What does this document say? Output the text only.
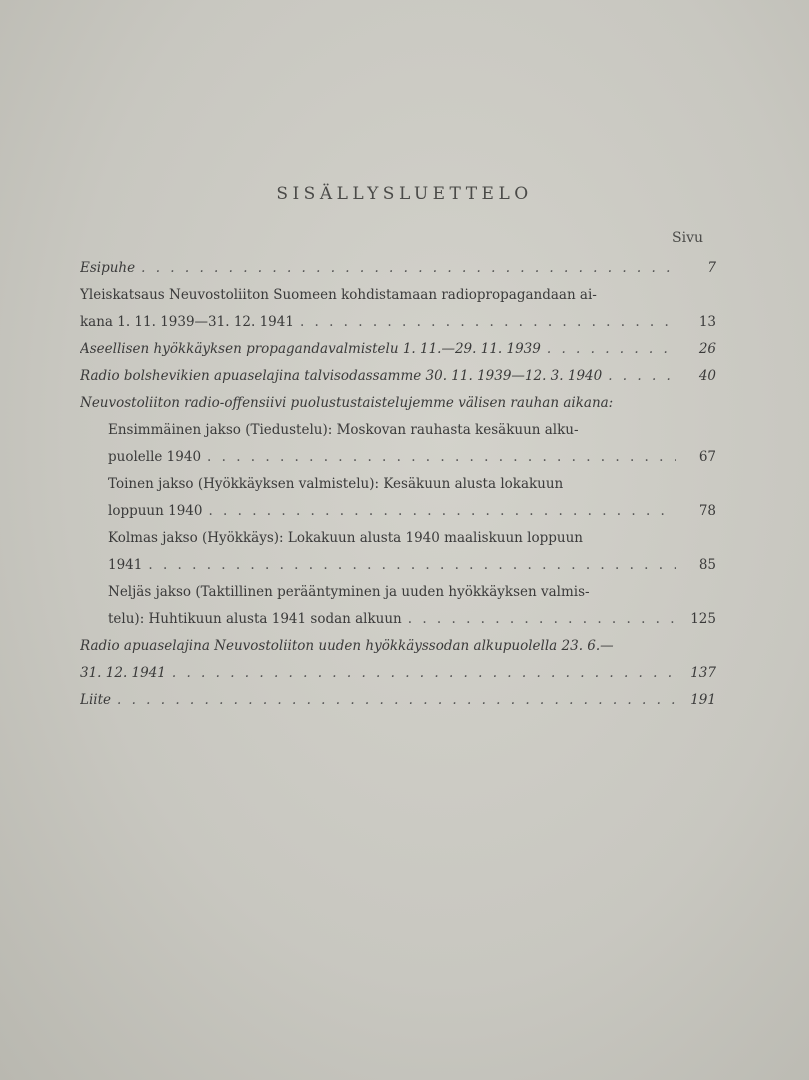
SISÄLLYSLUETTELO
Sivu
Esipuhe . . .	7
Yleiskatsaus Neuvostoliiton Suomeen kohdistamaan radiopropagandaan ai-
kana 1. 11. 1939—31. 12. 1941 . . .	13
Aseellisen hyökkäyksen propagandavalmistelu 1. 11.—29. 11. 1939 . . .	26
Radio bolshevikien apuaselajina talvisodassamme 30. 11. 1939—12. 3. 1940 . . .	40
Neuvostoliiton radio-offensiivi puolustustaistelujemme välisen rauhan aikana:
Ensimmäinen jakso (Tiedustelu): Moskovan rauhasta kesäkuun alku-
puolelle 1940 . . .	67
Toinen jakso (Hyökkäyksen valmistelu): Kesäkuun alusta lokakuun
loppuun 1940 . . .	78
Kolmas jakso (Hyökkäys): Lokakuun alusta 1940 maaliskuun loppuun
1941 . . .	85
Neljäs jakso (Taktillinen perääntyminen ja uuden hyökkäyksen valmis-
telu): Huhtikuun alusta 1941 sodan alkuun . . .	125
Radio apuaselajina Neuvostoliiton uuden hyökkäyssodan alkupuolella 23. 6.—
31. 12. 1941 . . .	137
Liite . . .	191
